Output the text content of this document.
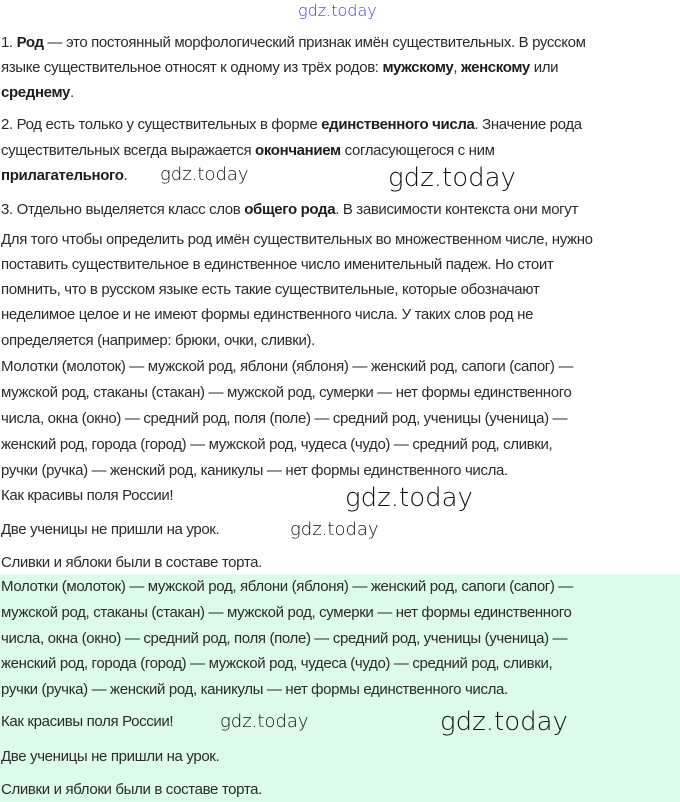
1. Род — это постоянный морфологический признак имён существительных. В русском
языке существительное относят к одному из трёх родов: мужскому, женскому или
среднему.
2. Род есть только у существительных в форме единственного числа. Значение рода
существительных всегда выражается окончанием согласующегося с ним
прилагательного.
3. Отдельно выделяется класс слов общего рода. В зависимости контекста они могут
Для того чтобы определить род имён существительных во множественном числе, нужно
поставить существительное в единственное число именительный падеж. Но стоит
помнить, что в русском языке есть такие существительные, которые обозначают
неделимое целое и не имеют формы единственного числа. У таких слов род не
определяется (например: брюки, очки, сливки).
Молотки (молоток) — мужской род, яблони (яблоня) — женский род, сапоги (сапог) —
мужской род, стаканы (стакан) — мужской род, сумерки — нет формы единственного
числа, окна (окно) — средний род, поля (поле) — средний род, ученицы (ученица) —
женский род, города (город) — мужской род, чудеса (чудо) — средний род, сливки,
ручки (ручка) — женский род, каникулы — нет формы единственного числа.
Как красивы поля России!
Две ученицы не пришли на урок.
Сливки и яблоки были в составе торта.
Молотки (молоток) — мужской род, яблони (яблоня) — женский род, сапоги (сапог) —
мужской род, стаканы (стакан) — мужской род, сумерки — нет формы единственного
числа, окна (окно) — средний род, поля (поле) — средний род, ученицы (ученица) —
женский род, города (город) — мужской род, чудеса (чудо) — средний род, сливки,
ручки (ручка) — женский род, каникулы — нет формы единственного числа.
Как красивы поля России!
Две ученицы не пришли на урок.
Сливки и яблоки были в составе торта.
gdz.today
gdz.today	gdz.today
gdz.today
gdz.today
gdz.today	gdz.today
